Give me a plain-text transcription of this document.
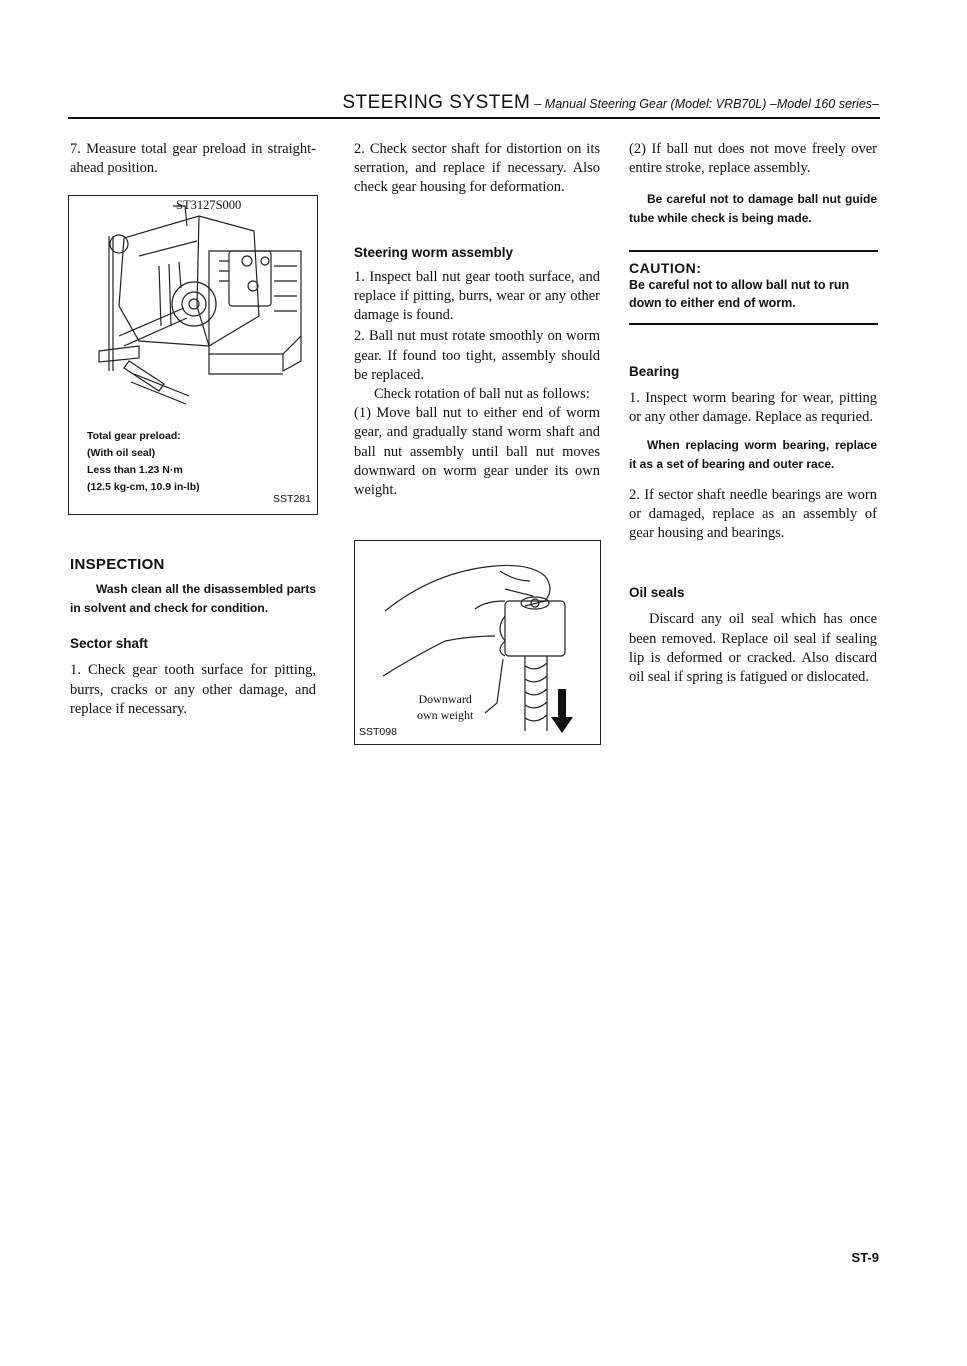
STEERING SYSTEM – Manual Steering Gear (Model: VRB70L) –Model 160 series–

7. Measure total gear preload in straight-ahead position.

ST3127S000
Total gear preload:
(With oil seal)
Less than 1.23 N·m
(12.5 kg-cm, 10.9 in-lb)
SST281
INSPECTION

Wash clean all the disassembled parts in solvent and check for condition.

Sector shaft

1. Check gear tooth surface for pitting, burrs, cracks or any other damage, and replace if necessary.

2. Check sector shaft for distortion on its serration, and replace if necessary. Also check gear housing for deformation.

Steering worm assembly

1. Inspect ball nut gear tooth surface, and replace if pitting, burrs, wear or any other damage is found.

2. Ball nut must rotate smoothly on worm gear. If found too tight, assembly should be replaced.

Check rotation of ball nut as follows:

(1) Move ball nut to either end of worm gear, and gradually stand worm shaft and ball nut assembly until ball nut moves downward on worm gear under its own weight.

Downward
own weight
SST098

(2) If ball nut does not move freely over entire stroke, replace assembly.

Be careful not to damage ball nut guide tube while check is being made.

CAUTION:
Be careful not to allow ball nut to run down to either end of worm.
Bearing

1. Inspect worm bearing for wear, pitting or any other damage. Replace as requried.

When replacing worm bearing, replace it as a set of bearing and outer race.

2. If sector shaft needle bearings are worn or damaged, replace as an assembly of gear housing and bearings.

Oil seals

Discard any oil seal which has once been removed. Replace oil seal if sealing lip is deformed or cracked. Also discard oil seal if spring is fatigued or dislocated.

ST-9
